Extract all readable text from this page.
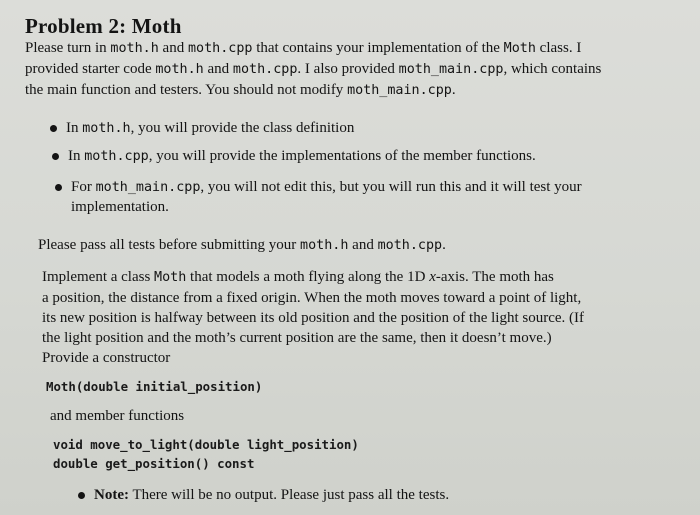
Problem 2: Moth
Please turn in moth.h and moth.cpp that contains your implementation of the Moth class. I
provided starter code moth.h and moth.cpp. I also provided moth_main.cpp, which contains
the main function and testers. You should not modify moth_main.cpp.
In moth.h, you will provide the class definition
In moth.cpp, you will provide the implementations of the member functions.
For moth_main.cpp, you will not edit this, but you will run this and it will test your
implementation.
Please pass all tests before submitting your moth.h and moth.cpp.
Implement a class Moth that models a moth flying along the 1D x-axis. The moth has
a position, the distance from a fixed origin. When the moth moves toward a point of light,
its new position is halfway between its old position and the position of the light source. (If
the light position and the moth’s current position are the same, then it doesn’t move.)
Provide a constructor
Moth(double initial_position)
and member functions
void move_to_light(double light_position)
double get_position() const
Note: There will be no output. Please just pass all the tests.
